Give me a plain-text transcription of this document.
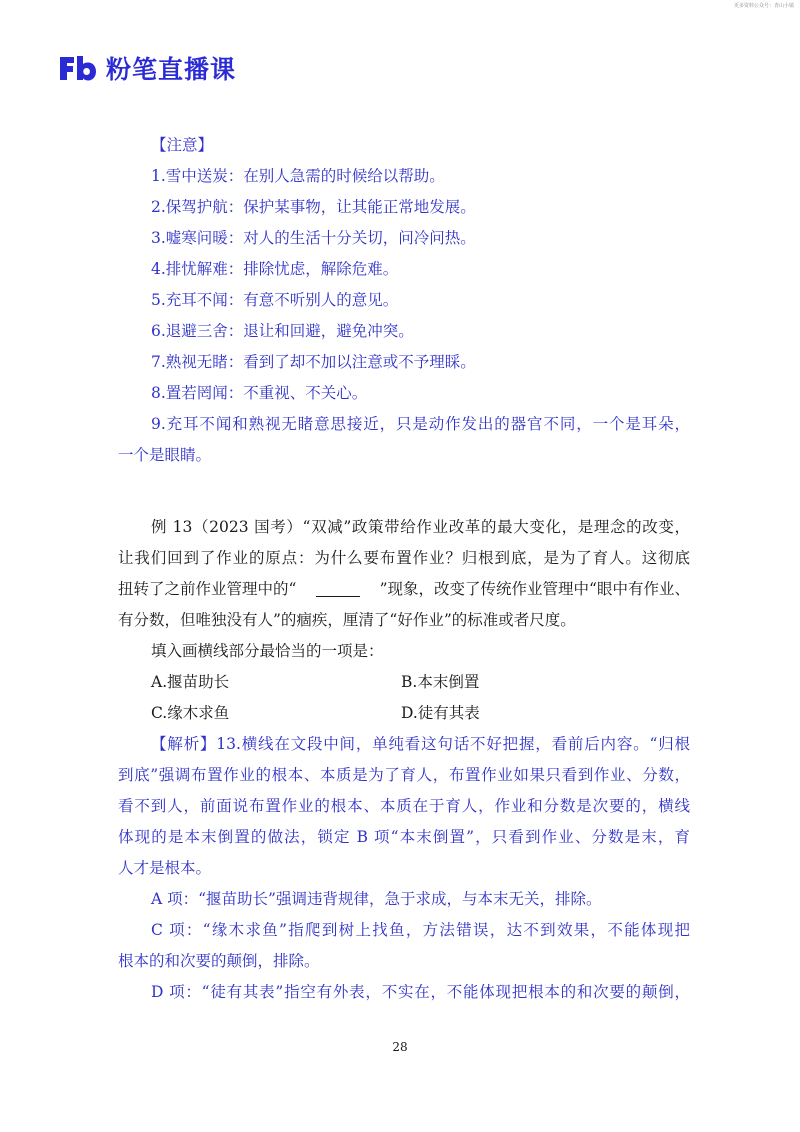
更多资料公众号：青山小镇
粉笔直播课
【注意】
1.雪中送炭：在别人急需的时候给以帮助。
2.保驾护航：保护某事物，让其能正常地发展。
3.嘘寒问暖：对人的生活十分关切，问冷问热。
4.排忧解难：排除忧虑，解除危难。
5.充耳不闻：有意不听别人的意见。
6.退避三舍：退让和回避，避免冲突。
7.熟视无睹：看到了却不加以注意或不予理睬。
8.置若罔闻：不重视、不关心。
9.充耳不闻和熟视无睹意思接近，只是动作发出的器官不同，一个是耳朵，
一个是眼睛。
例 13（2023 国考）“双减”政策带给作业改革的最大变化，是理念的改变，
让我们回到了作业的原点：为什么要布置作业？归根到底，是为了育人。这彻底
扭转了之前作业管理中的“	”现象，改变了传统作业管理中“眼中有作业、
有分数，但唯独没有人”的痼疾，厘清了“好作业”的标准或者尺度。
填入画横线部分最恰当的一项是：
A.揠苗助长	B.本末倒置
C.缘木求鱼	D.徒有其表
【解析】13.横线在文段中间，单纯看这句话不好把握，看前后内容。“归根
到底”强调布置作业的根本、本质是为了育人，布置作业如果只看到作业、分数，
看不到人，前面说布置作业的根本、本质在于育人，作业和分数是次要的，横线
体现的是本末倒置的做法，锁定 B 项“本末倒置”，只看到作业、分数是末，育
人才是根本。
A 项：“揠苗助长”强调违背规律，急于求成，与本末无关，排除。
C 项：“缘木求鱼”指爬到树上找鱼，方法错误，达不到效果，不能体现把
根本的和次要的颠倒，排除。
D 项：“徒有其表”指空有外表，不实在，不能体现把根本的和次要的颠倒，
28
